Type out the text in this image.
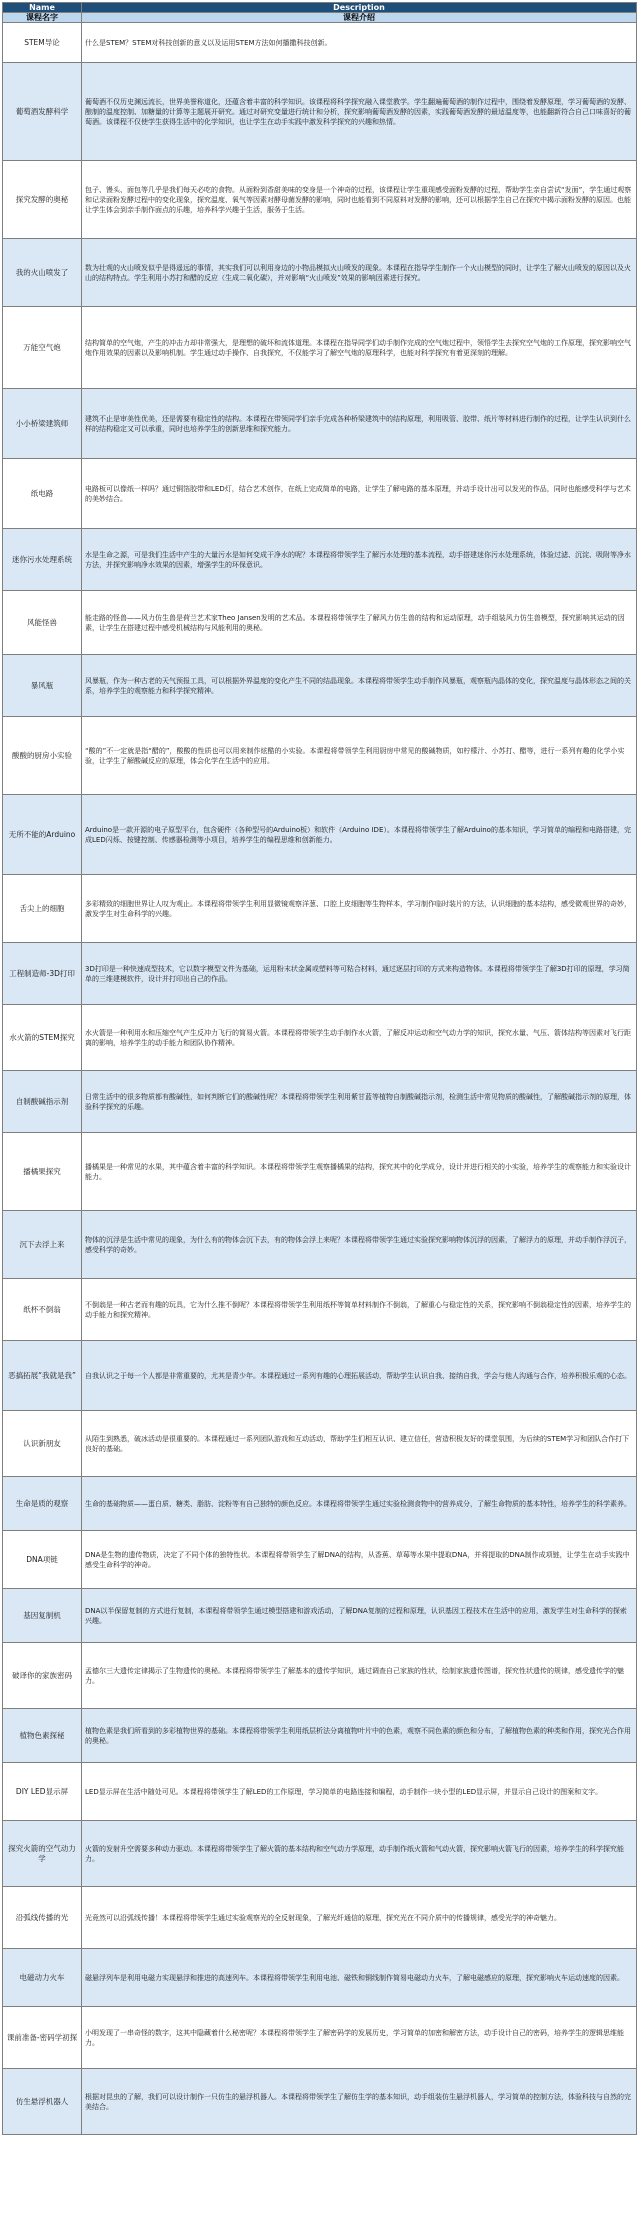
Name	Description
课程名字	课程介绍
STEM导论	什么是STEM？STEM对科技创新的意义以及运用STEM方法如何播撒科技创新。
葡萄酒发酵科学	葡萄酒不仅历史渊远流长，世界美誉称道化，还蕴含着丰富的科学知识。该课程将科学探究融入课堂教学。学生翻遍葡萄酒的制作过程中，围绕着发酵原理，学习葡萄酒的发酵、酿制的温度控制、加糖量的计算等主题展开研究。通过对研究变量进行统计和分析，探究影响葡萄酒发酵的因素，实践葡萄酒发酵的最适温度等，也能翻新符合自己口味喜好的葡萄酒。该课程不仅使学生获得生活中的化学知识，也让学生在动手实践中激发科学探究的兴趣和热情。
探究发酵的奥秘	包子、馒头、面包等几乎是我们每天必吃的食物。从面粉到香甜美味的变身是一个神奇的过程，该课程让学生重现感受面粉发酵的过程，帮助学生亲自尝试“发面”，学生通过观察和记录面粉发酵过程中的变化现象，探究温度、氧气等因素对酵母菌发酵的影响，同时也能看到不同原料对发酵的影响，还可以根据学生自己在探究中揭示面粉发酵的原因。也能让学生体会到亲手制作面点的乐趣，培养科学兴趣于生活，服务于生活。
我的火山喷发了	数为壮观的火山喷发似乎是得遥远的事情，其实我们可以利用身边的小物品模拟火山喷发的现象。本课程在指导学生制作一个火山模型的同时，让学生了解火山喷发的原因以及火山的结构特点。学生利用小苏打和醋的反应（生成二氧化碳），并对影响“火山喷发”效果的影响因素进行探究。
万能空气炮	结构简单的空气炮，产生的冲击力却非常强大，是理想的破坏和流体道理。本课程在指导同学们动手制作完成的空气炮过程中，领悟学生去探究空气炮的工作原理，探究影响空气炮作用效果的因素以及影响机制。学生通过动手操作、自我探究，不仅能学习了解空气炮的原理科学，也能对科学探究有着更深刻的理解。
小小桥梁建筑师	建筑不止是审美性优美，还是需要有稳定性的结构。本课程在带领同学们亲手完成各种桥梁建筑中的结构原理，利用吸管、胶带、纸片等材料进行制作的过程，让学生认识到什么样的结构稳定又可以承重，同时也培养学生的创新思维和探究能力。
纸电路	电路板可以像纸一样吗？通过铜箔胶带和LED灯，结合艺术创作，在纸上完成简单的电路，让学生了解电路的基本原理，并动手设计出可以发光的作品，同时也能感受科学与艺术的美妙结合。
迷你污水处理系统	水是生命之源，可是我们生活中产生的大量污水是如何变成干净水的呢？本课程将带领学生了解污水处理的基本流程，动手搭建迷你污水处理系统，体验过滤、沉淀、吸附等净水方法，并探究影响净水效果的因素，增强学生的环保意识。
风能怪兽	能走路的怪兽——风力仿生兽是荷兰艺术家Theo Jansen发明的艺术品。本课程将带领学生了解风力仿生兽的结构和运动原理，动手组装风力仿生兽模型，探究影响其运动的因素，让学生在搭建过程中感受机械结构与风能利用的奥秘。
暴风瓶	风暴瓶，作为一种古老的天气预报工具，可以根据外界温度的变化产生不同的结晶现象。本课程将带领学生动手制作风暴瓶，观察瓶内晶体的变化，探究温度与晶体形态之间的关系，培养学生的观察能力和科学探究精神。
酸酸的厨房小实验	“酸的”不一定就是指“醋的”，酸酸的性质也可以用来制作炫酷的小实验。本课程将带领学生利用厨房中常见的酸碱物质，如柠檬汁、小苏打、醋等，进行一系列有趣的化学小实验，让学生了解酸碱反应的原理，体会化学在生活中的应用。
无所不能的Arduino	Arduino是一款开源的电子原型平台，包含硬件（各种型号的Arduino板）和软件（Arduino IDE）。本课程将带领学生了解Arduino的基本知识，学习简单的编程和电路搭建，完成LED闪烁、按键控制、传感器检测等小项目，培养学生的编程思维和创新能力。
舌尖上的细胞	多彩精致的细胞世界让人叹为观止。本课程将带领学生利用显微镜观察洋葱、口腔上皮细胞等生物样本，学习制作临时装片的方法，认识细胞的基本结构，感受微观世界的奇妙，激发学生对生命科学的兴趣。
工程制造师-3D打印	3D打印是一种快速成型技术，它以数字模型文件为基础，运用粉末状金属或塑料等可粘合材料，通过逐层打印的方式来构造物体。本课程将带领学生了解3D打印的原理，学习简单的三维建模软件，设计并打印出自己的作品。
水火箭的STEM探究	水火箭是一种利用水和压缩空气产生反冲力飞行的简易火箭。本课程将带领学生动手制作水火箭，了解反冲运动和空气动力学的知识，探究水量、气压、箭体结构等因素对飞行距离的影响，培养学生的动手能力和团队协作精神。
自制酸碱指示剂	日常生活中的很多物质都有酸碱性，如何判断它们的酸碱性呢？本课程将带领学生利用紫甘蓝等植物自制酸碱指示剂，检测生活中常见物质的酸碱性，了解酸碱指示剂的原理，体验科学探究的乐趣。
播橘果探究	播橘果是一种常见的水果，其中蕴含着丰富的科学知识。本课程将带领学生观察播橘果的结构，探究其中的化学成分，设计并进行相关的小实验，培养学生的观察能力和实验设计能力。
沉下去浮上来	物体的沉浮是生活中常见的现象，为什么有的物体会沉下去，有的物体会浮上来呢？本课程将带领学生通过实验探究影响物体沉浮的因素，了解浮力的原理，并动手制作浮沉子，感受科学的奇妙。
纸杯不倒翁	不倒翁是一种古老而有趣的玩具，它为什么推不倒呢？本课程将带领学生利用纸杯等简单材料制作不倒翁，了解重心与稳定性的关系，探究影响不倒翁稳定性的因素，培养学生的动手能力和探究精神。
恶搞拓展“我就是我”	自我认识之于每一个人都是非常重要的，尤其是青少年。本课程通过一系列有趣的心理拓展活动，帮助学生认识自我、接纳自我，学会与他人沟通与合作，培养积极乐观的心态。
认识新朋友	从陌生到熟悉，破冰活动是很重要的。本课程通过一系列团队游戏和互动活动，帮助学生们相互认识、建立信任，营造积极友好的课堂氛围，为后续的STEM学习和团队合作打下良好的基础。
生命是质的观察	生命的基础物质——蛋白质、糖类、脂肪、淀粉等有自己独特的颜色反应。本课程将带领学生通过实验检测食物中的营养成分，了解生命物质的基本特性，培养学生的科学素养。
DNA项链	DNA是生物的遗传物质，决定了不同个体的独特性状。本课程将带领学生了解DNA的结构，从香蕉、草莓等水果中提取DNA，并将提取的DNA制作成项链，让学生在动手实践中感受生命科学的神奇。
基因复制机	DNA以半保留复制的方式进行复制，本课程将带领学生通过模型搭建和游戏活动，了解DNA复制的过程和原理，认识基因工程技术在生活中的应用，激发学生对生命科学的探索兴趣。
破译你的家族密码	孟德尔三大遗传定律揭示了生物遗传的奥秘。本课程将带领学生了解基本的遗传学知识，通过调查自己家族的性状，绘制家族遗传图谱，探究性状遗传的规律，感受遗传学的魅力。
植物色素探秘	植物色素是我们所看到的多彩植物世界的基础。本课程将带领学生利用纸层析法分离植物叶片中的色素，观察不同色素的颜色和分布，了解植物色素的种类和作用，探究光合作用的奥秘。
DIY LED显示屏	LED显示屏在生活中随处可见。本课程将带领学生了解LED的工作原理，学习简单的电路连接和编程，动手制作一块小型的LED显示屏，并显示自己设计的图案和文字。
探究火箭的空气动力学	火箭的发射升空需要多种动力驱动。本课程将带领学生了解火箭的基本结构和空气动力学原理，动手制作纸火箭和气动火箭，探究影响火箭飞行的因素，培养学生的科学探究能力。
沿弧线传播的光	光竟然可以沿弧线传播！本课程将带领学生通过实验观察光的全反射现象，了解光纤通信的原理，探究光在不同介质中的传播规律，感受光学的神奇魅力。
电磁动力火车	磁悬浮列车是利用电磁力实现悬浮和推进的高速列车。本课程将带领学生利用电池、磁铁和铜线制作简易电磁动力火车，了解电磁感应的原理，探究影响火车运动速度的因素。
课前准备-密码学初探	小明发现了一串奇怪的数字，这其中隐藏着什么秘密呢？本课程将带领学生了解密码学的发展历史，学习简单的加密和解密方法，动手设计自己的密码，培养学生的逻辑思维能力。
仿生悬浮机器人	根据对昆虫的了解，我们可以设计制作一只仿生的悬浮机器人。本课程将带领学生了解仿生学的基本知识，动手组装仿生悬浮机器人，学习简单的控制方法，体验科技与自然的完美结合。
